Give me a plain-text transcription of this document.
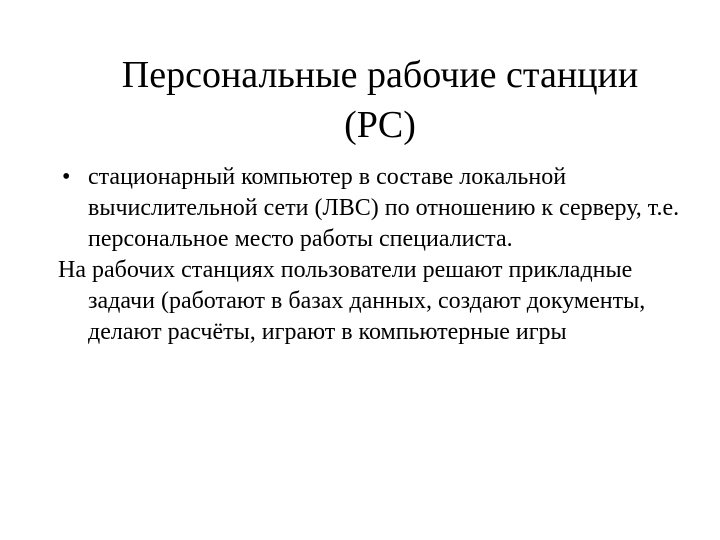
Персональные рабочие станции
(PC)

• стационарный компьютер в составе локальной вычислительной сети (ЛВС) по отношению к серверу, т.е. персональное место работы специалиста.

На рабочих станциях пользователи решают прикладные задачи (работают в базах данных, создают документы, делают расчёты, играют в компьютерные игры
